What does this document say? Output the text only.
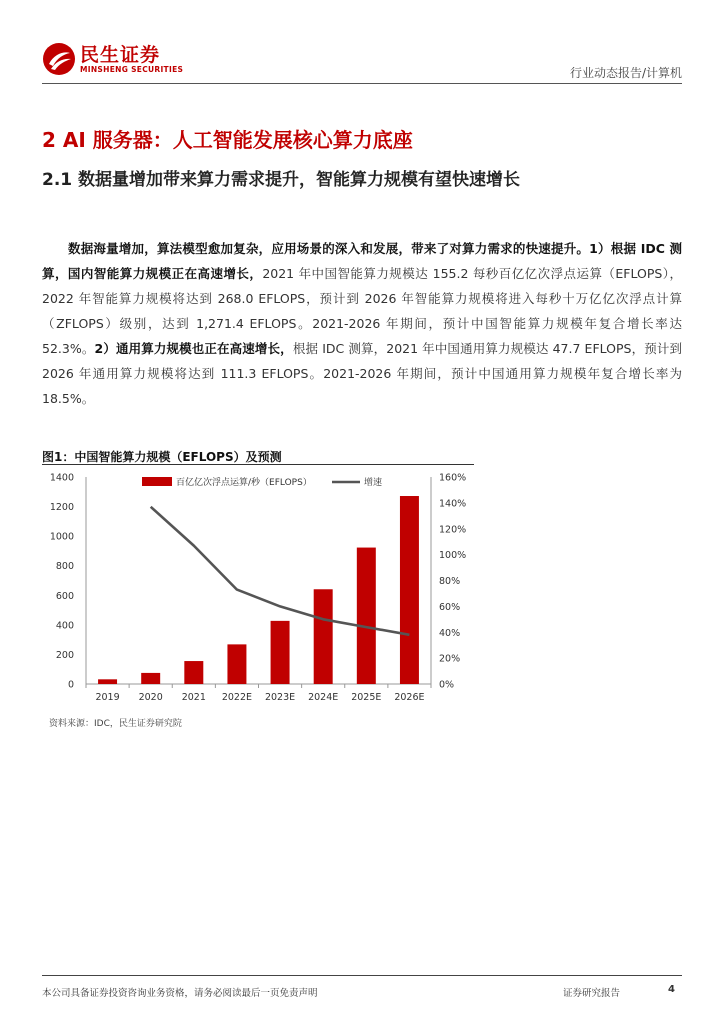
民生证券
MINSHENG SECURITIES	行业动态报告/计算机
2 AI 服务器：人工智能发展核心算力底座
2.1 数据量增加带来算力需求提升，智能算力规模有望快速增长

数据海量增加，算法模型愈加复杂，应用场景的深入和发展，带来了对算力需求的快速提升。1）根据 IDC 测算，国内智能算力规模正在高速增长，2021 年中国智能算力规模达 155.2 每秒百亿亿次浮点运算（EFLOPS），2022 年智能算力规模将达到 268.0 EFLOPS，预计到 2026 年智能算力规模将进入每秒十万亿亿次浮点计算（ZFLOPS）级别，达到 1,271.4 EFLOPS。2021-2026 年期间，预计中国智能算力规模年复合增长率达 52.3%。2）通用算力规模也正在高速增长，根据 IDC 测算，2021 年中国通用算力规模达 47.7 EFLOPS，预计到 2026 年通用算力规模将达到 111.3 EFLOPS。2021-2026 年期间，预计中国通用算力规模年复合增长率为 18.5%。

图1：中国智能算力规模（EFLOPS）及预测
0
200
400
600
800
1000
1200
1400
0%
20%
40%
60%
80%
100%
120%
140%
160%
2019 2020 2021 2022E 2023E 2024E 2025E 2026E
百亿亿次浮点运算/秒（EFLOPS）	增速
资料来源：IDC，民生证券研究院
本公司具备证券投资咨询业务资格，请务必阅读最后一页免责声明	证券研究报告	4
